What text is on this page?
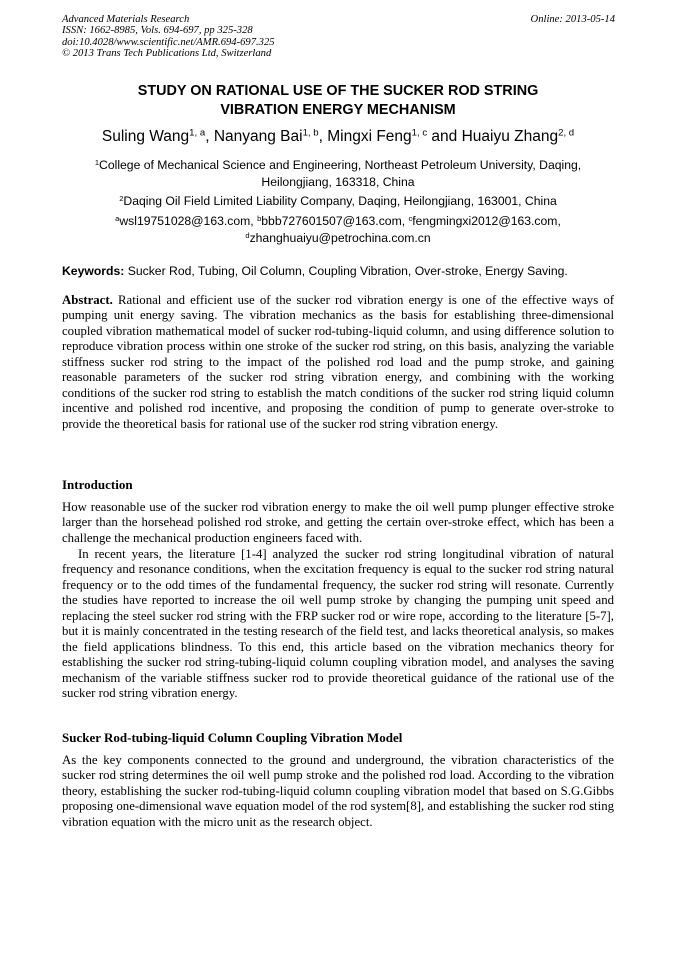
Advanced Materials Research
ISSN: 1662-8985, Vols. 694-697, pp 325-328
doi:10.4028/www.scientific.net/AMR.694-697.325
© 2013 Trans Tech Publications Ltd, Switzerland
Online: 2013-05-14
STUDY ON RATIONAL USE OF THE SUCKER ROD STRING
VIBRATION ENERGY MECHANISM
Suling Wang$^{1, a}$, Nanyang Bai$^{1, b}$, Mingxi Feng$^{1, c}$ and Huaiyu Zhang$^{2, d}$
$^1$College of Mechanical Science and Engineering, Northeast Petroleum University, Daqing, Heilongjiang, 163318, China
$^2$Daqing Oil Field Limited Liability Company, Daqing, Heilongjiang, 163001, China
$^a$wsl19751028@163.com, $^b$bbb727601507@163.com, $^c$fengmingxi2012@163.com,
$^d$zhanghuaiyu@petrochina.com.cn
Keywords: Sucker Rod, Tubing, Oil Column, Coupling Vibration, Over-stroke, Energy Saving.

Abstract. Rational and efficient use of the sucker rod vibration energy is one of the effective ways of pumping unit energy saving. The vibration mechanics as the basis for establishing three-dimensional coupled vibration mathematical model of sucker rod-tubing-liquid column, and using difference solution to reproduce vibration process within one stroke of the sucker rod string, on this basis, analyzing the variable stiffness sucker rod string to the impact of the polished rod load and the pump stroke, and gaining reasonable parameters of the sucker rod string vibration energy, and combining with the working conditions of the sucker rod string to establish the match conditions of the sucker rod string liquid column incentive and polished rod incentive, and proposing the condition of pump to generate over-stroke to provide the theoretical basis for rational use of the sucker rod string vibration energy.

Introduction

How reasonable use of the sucker rod vibration energy to make the oil well pump plunger effective stroke larger than the horsehead polished rod stroke, and getting the certain over-stroke effect, which has been a challenge the mechanical production engineers faced with.

In recent years, the literature [1-4] analyzed the sucker rod string longitudinal vibration of natural frequency and resonance conditions, when the excitation frequency is equal to the sucker rod string natural frequency or to the odd times of the fundamental frequency, the sucker rod string will resonate. Currently the studies have reported to increase the oil well pump stroke by changing the pumping unit speed and replacing the steel sucker rod string with the FRP sucker rod or wire rope, according to the literature [5-7], but it is mainly concentrated in the testing research of the field test, and lacks theoretical analysis, so makes the field applications blindness. To this end, this article based on the vibration mechanics theory for establishing the sucker rod string-tubing-liquid column coupling vibration model, and analyses the saving mechanism of the variable stiffness sucker rod to provide theoretical guidance of the rational use of the sucker rod string vibration energy.

Sucker Rod-tubing-liquid Column Coupling Vibration Model

As the key components connected to the ground and underground, the vibration characteristics of the sucker rod string determines the oil well pump stroke and the polished rod load. According to the vibration theory, establishing the sucker rod-tubing-liquid column coupling vibration model that based on S.G.Gibbs proposing one-dimensional wave equation model of the rod system[8], and establishing the sucker rod sting vibration equation with the micro unit as the research object.
